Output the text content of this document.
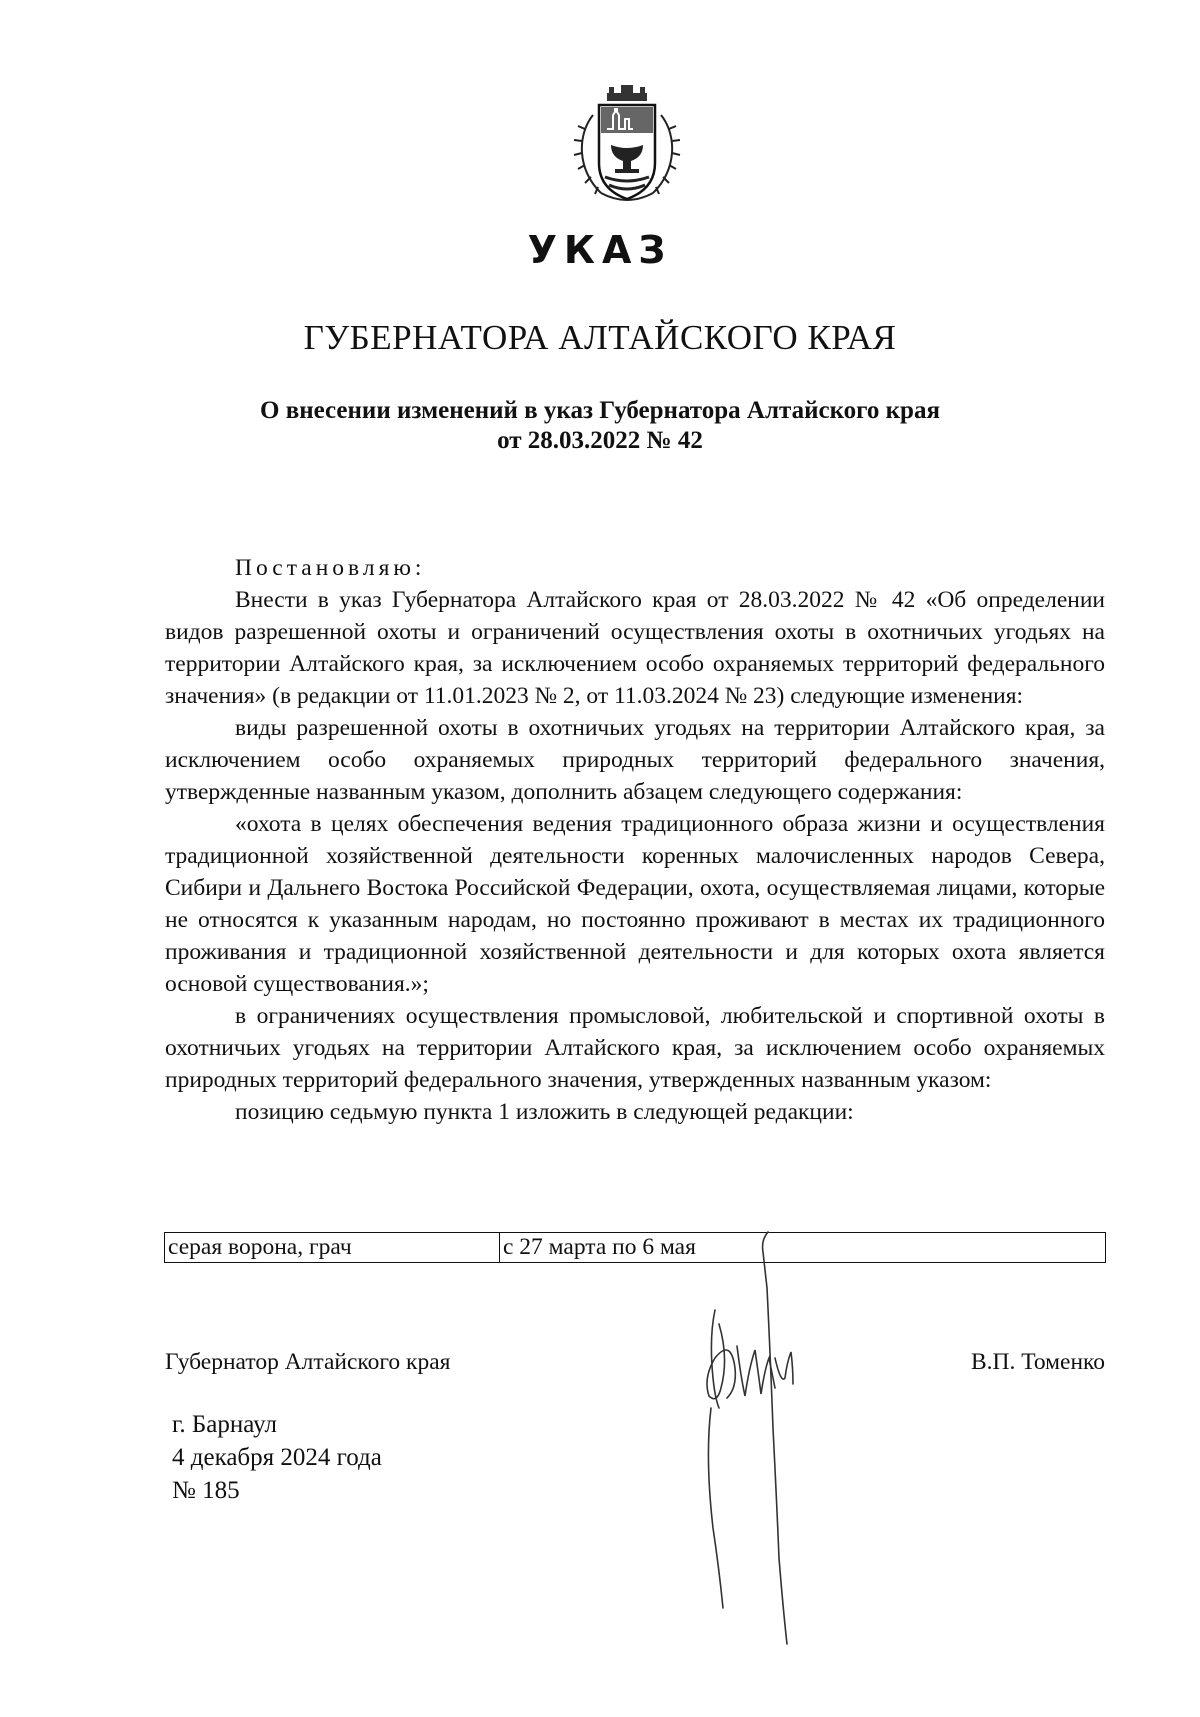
УКАЗ
ГУБЕРНАТОРА АЛТАЙСКОГО КРАЯ
О внесении изменений в указ Губернатора Алтайского края
от 28.03.2022 № 42

Постановляю:

Внести в указ Губернатора Алтайского края от 28.03.2022 № 42 «Об определении видов разрешенной охоты и ограничений осуществления охоты в охотничьих угодьях на территории Алтайского края, за исключением особо охраняемых территорий федерального значения» (в редакции от 11.01.2023 № 2, от 11.03.2024 № 23) следующие изменения:

виды разрешенной охоты в охотничьих угодьях на территории Алтайского края, за исключением особо охраняемых природных территорий федерального значения, утвержденные названным указом, дополнить абзацем следующего содержания:

«охота в целях обеспечения ведения традиционного образа жизни и осуществления традиционной хозяйственной деятельности коренных малочисленных народов Севера, Сибири и Дальнего Востока Российской Федерации, охота, осуществляемая лицами, которые не относятся к указанным народам, но постоянно проживают в местах их традиционного проживания и традиционной хозяйственной деятельности и для которых охота является основой существования.»;

в ограничениях осуществления промысловой, любительской и спортивной охоты в охотничьих угодьях на территории Алтайского края, за исключением особо охраняемых природных территорий федерального значения, утвержденных названным указом:

позицию седьмую пункта 1 изложить в следующей редакции:

серая ворона, грач	с 27 марта по 6 мая
Губернатор Алтайского края	В.П. Томенко
г. Барнаул
4 декабря 2024 года
№ 185
